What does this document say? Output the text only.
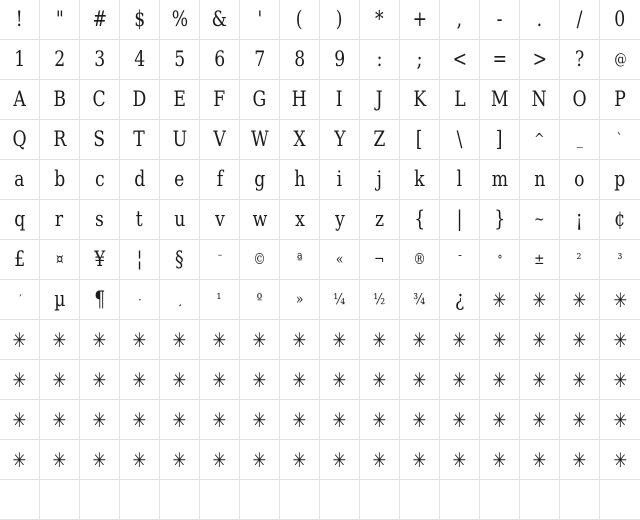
! " # $ % & ' ( ) * + , - . / 0
1 2 3 4 5 6 7 8 9 : ; < = > ? @
A B C D E F G H I J K L M N O P
Q R S T U V W X Y Z [ \ ] ^ _ `
a b c d e f g h i j k l m n o p
q r s t u v w x y z { | } ~ ¡ ¢
£ ¤ ¥ ¦ §	¨ © ª « ¬ ®	¯	° ± ² ³
´ µ ¶	·	¸ ¹ º » ¼ ½ ¾ ¿ ✳ ✳ ✳ ✳
✳ ✳ ✳ ✳ ✳ ✳ ✳ ✳ ✳ ✳ ✳ ✳ ✳ ✳ ✳ ✳
✳ ✳ ✳ ✳ ✳ ✳ ✳ ✳ ✳ ✳ ✳ ✳ ✳ ✳ ✳ ✳
✳ ✳ ✳ ✳ ✳ ✳ ✳ ✳ ✳ ✳ ✳ ✳ ✳ ✳ ✳ ✳
✳ ✳ ✳ ✳ ✳ ✳ ✳ ✳ ✳ ✳ ✳ ✳ ✳ ✳ ✳ ✳
